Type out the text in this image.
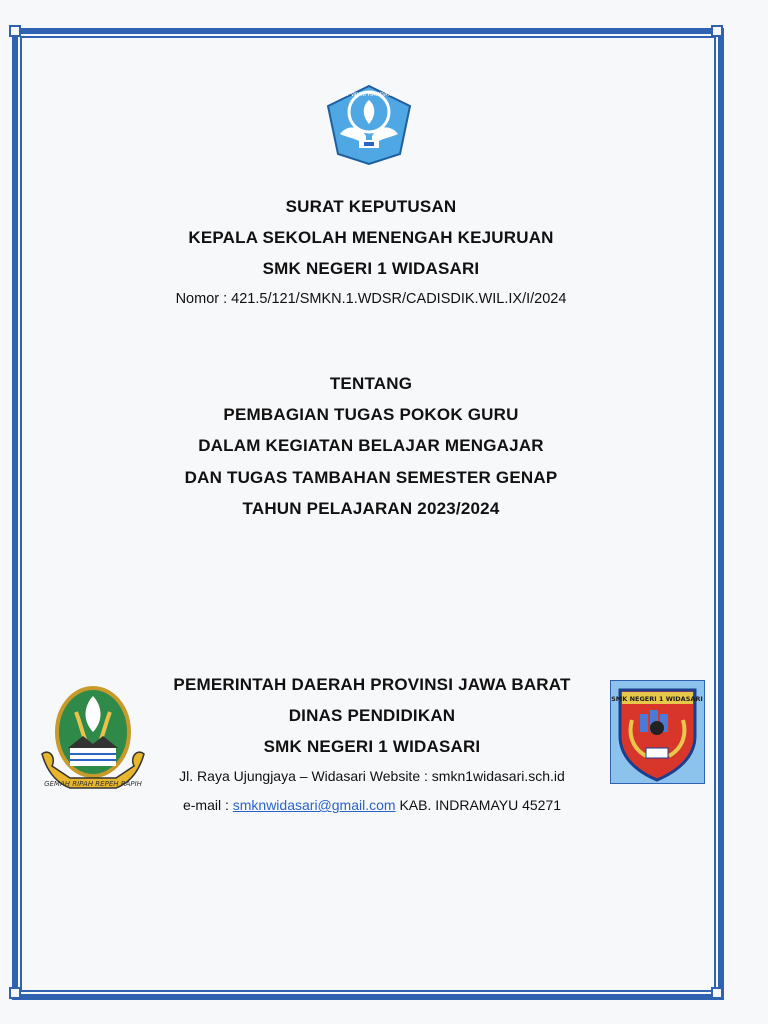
TUT WURI HANDAYANI
SURAT KEPUTUSAN
KEPALA SEKOLAH MENENGAH KEJURUAN
SMK NEGERI 1 WIDASARI
Nomor : 421.5/121/SMKN.1.WDSR/CADISDIK.WIL.IX/I/2024
TENTANG
PEMBAGIAN TUGAS POKOK GURU
DALAM KEGIATAN BELAJAR MENGAJAR
DAN TUGAS TAMBAHAN SEMESTER GENAP
TAHUN PELAJARAN 2023/2024
GEMAH RIPAH REPEH RAPIH
PEMERINTAH DAERAH PROVINSI JAWA BARAT
DINAS PENDIDIKAN
SMK NEGERI 1 WIDASARI
Jl. Raya Ujungjaya – Widasari Website : smkn1widasari.sch.id
e-mail : smknwidasari@gmail.com KAB. INDRAMAYU 45271
SMK NEGERI 1 WIDASARI
